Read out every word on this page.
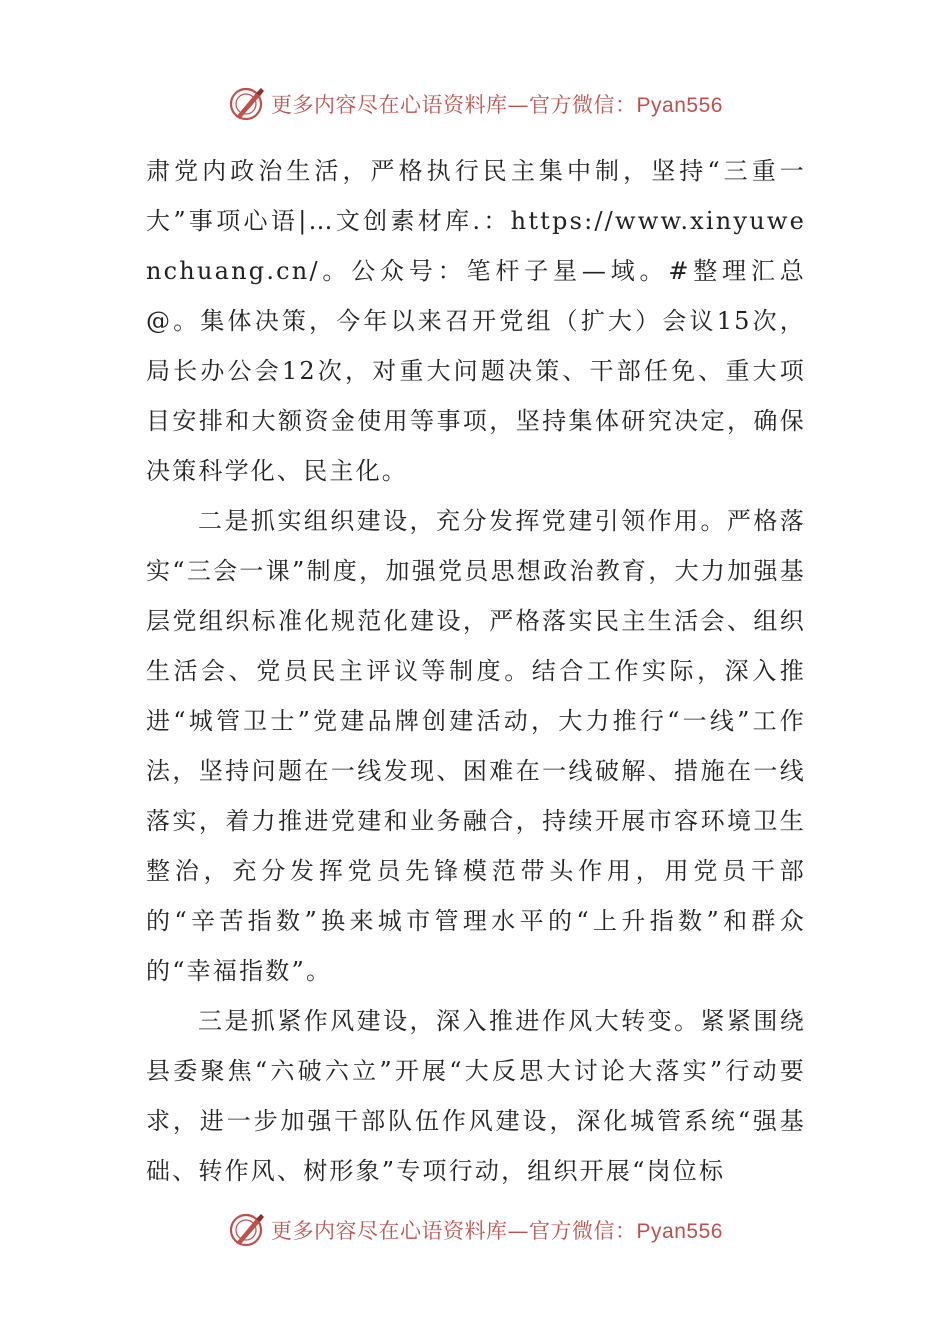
更多内容尽在心语资料库—官方微信：Pyan556

肃党内政治生活，严格执行民主集中制，坚持“三重一大”事项心语|…文创素材库.：https://www.xinyuwenchuang.cn/。公众号：笔杆子星—域。#整理汇总@。集体决策，今年以来召开党组（扩大）会议15次，局长办公会12次，对重大问题决策、干部任免、重大项目安排和大额资金使用等事项，坚持集体研究决定，确保决策科学化、民主化。

二是抓实组织建设，充分发挥党建引领作用。严格落实“三会一课”制度，加强党员思想政治教育，大力加强基层党组织标准化规范化建设，严格落实民主生活会、组织生活会、党员民主评议等制度。结合工作实际，深入推进“城管卫士”党建品牌创建活动，大力推行“一线”工作法，坚持问题在一线发现、困难在一线破解、措施在一线落实，着力推进党建和业务融合，持续开展市容环境卫生整治，充分发挥党员先锋模范带头作用，用党员干部的“辛苦指数”换来城市管理水平的“上升指数”和群众的“幸福指数”。

三是抓紧作风建设，深入推进作风大转变。紧紧围绕县委聚焦“六破六立”开展“大反思大讨论大落实”行动要求，进一步加强干部队伍作风建设，深化城管系统“强基础、转作风、树形象”专项行动，组织开展“岗位标

更多内容尽在心语资料库—官方微信：Pyan556
